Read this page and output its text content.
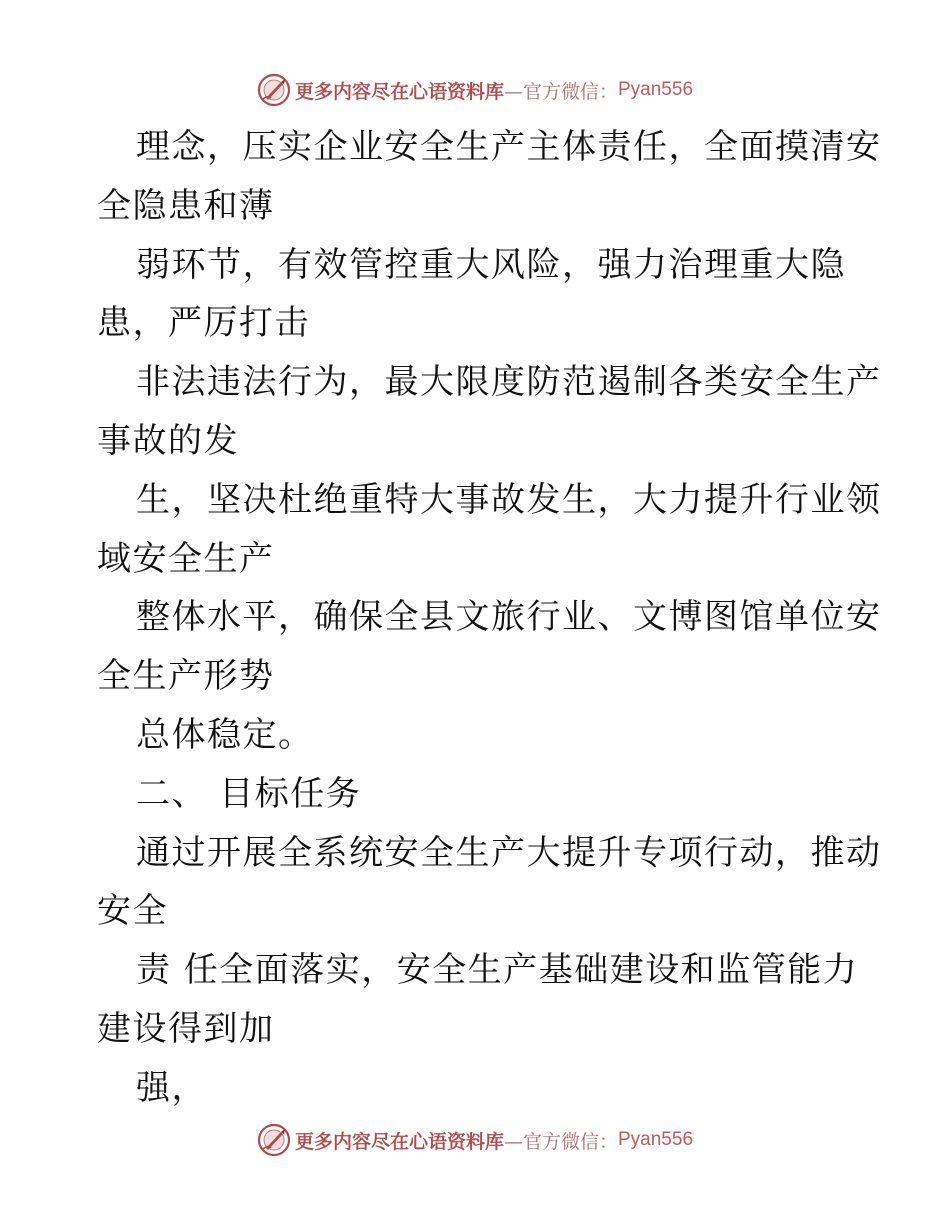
更多内容尽在心语资料库 —官方微信： Pyan556
理念，压实企业安全生产主体责任，全面摸清安
全隐患和薄
弱环节，有效管控重大风险，强力治理重大隐
患，严厉打击
非法违法行为，最大限度防范遏制各类安全生产
事故的发
生，坚决杜绝重特大事故发生，大力提升行业领
域安全生产
整体水平，确保全县文旅行业、文博图馆单位安
全生产形势
总体稳定。
二、 目标任务
通过开展全系统安全生产大提升专项行动，推动
安全
责 任全面落实，安全生产基础建设和监管能力
建设得到加
强，
更多内容尽在心语资料库 —官方微信： Pyan556
